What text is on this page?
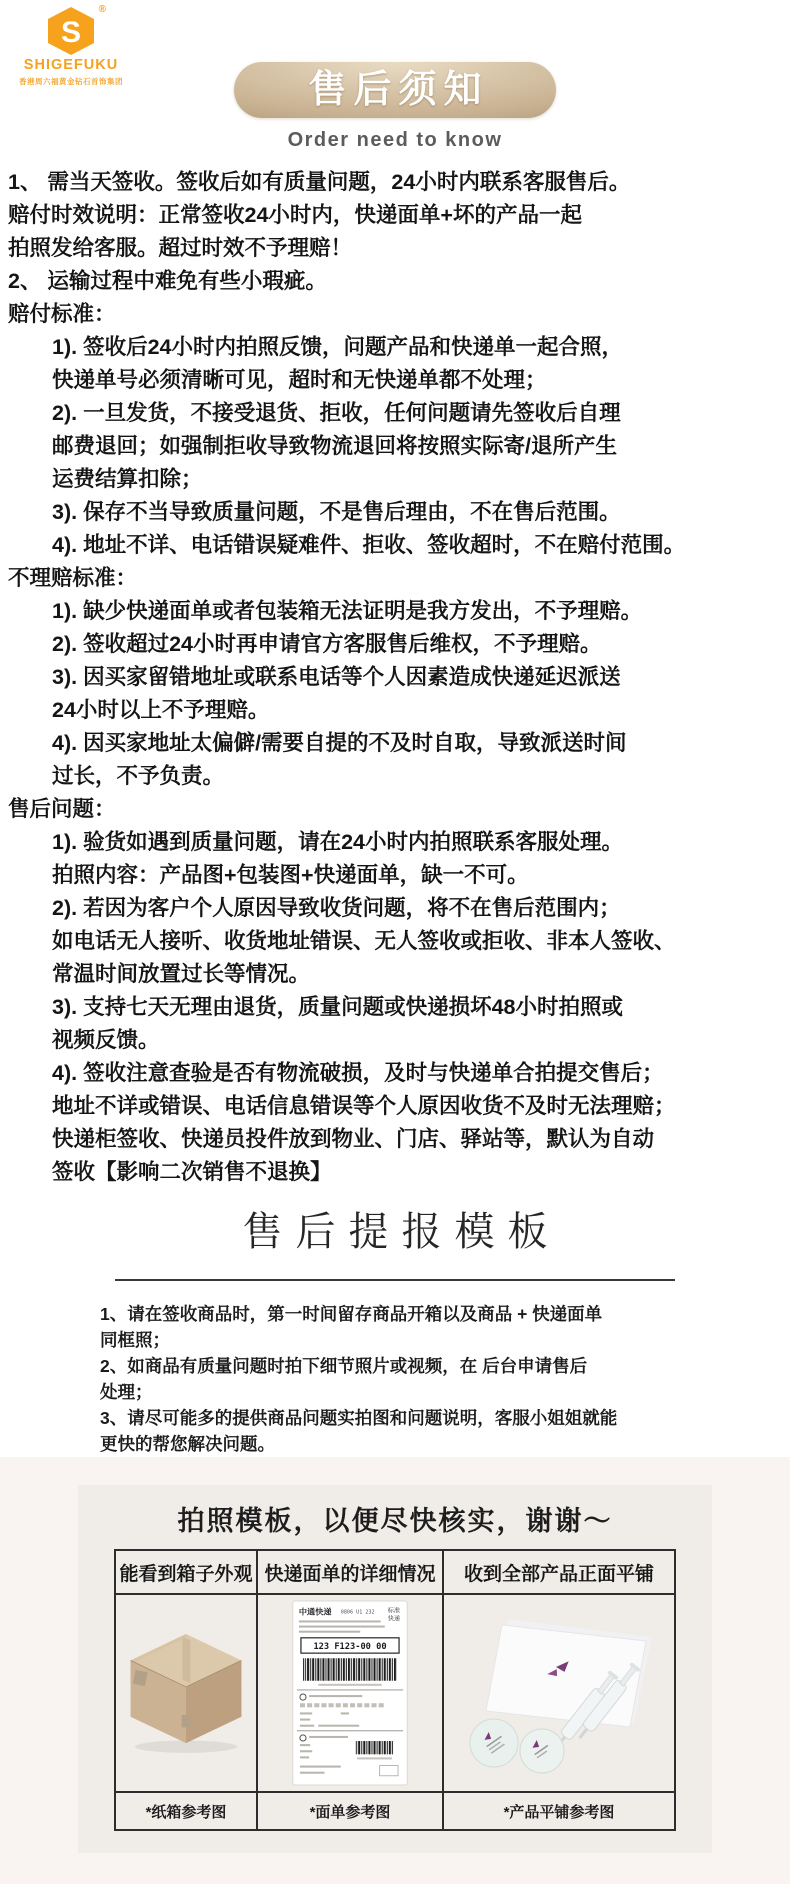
S
®
SHIGEFUKU
香港周六福黄金钻石首饰集团	售后须知
Order need to know

1、 需当天签收。签收后如有质量问题，24小时内联系客服售后。

赔付时效说明：正常签收24小时内，快递面单+坏的产品一起

拍照发给客服。超过时效不予理赔！

2、 运输过程中难免有些小瑕疵。

赔付标准：

1). 签收后24小时内拍照反馈，问题产品和快递单一起合照，

快递单号必须清晰可见，超时和无快递单都不处理；

2). 一旦发货，不接受退货、拒收，任何问题请先签收后自理

邮费退回；如强制拒收导致物流退回将按照实际寄/退所产生

运费结算扣除；

3). 保存不当导致质量问题，不是售后理由，不在售后范围。

4). 地址不详、电话错误疑难件、拒收、签收超时，不在赔付范围。

不理赔标准：

1). 缺少快递面单或者包装箱无法证明是我方发出，不予理赔。

2). 签收超过24小时再申请官方客服售后维权，不予理赔。

3). 因买家留错地址或联系电话等个人因素造成快递延迟派送

24小时以上不予理赔。

4). 因买家地址太偏僻/需要自提的不及时自取，导致派送时间

过长，不予负责。

售后问题：

1). 验货如遇到质量问题，请在24小时内拍照联系客服处理。

拍照内容：产品图+包装图+快递面单，缺一不可。

2). 若因为客户个人原因导致收货问题，将不在售后范围内；

如电话无人接听、收货地址错误、无人签收或拒收、非本人签收、

常温时间放置过长等情况。

3). 支持七天无理由退货，质量问题或快递损坏48小时拍照或

视频反馈。

4). 签收注意查验是否有物流破损，及时与快递单合拍提交售后；

地址不详或错误、电话信息错误等个人原因收货不及时无法理赔；

快递柜签收、快递员投件放到物业、门店、驿站等，默认为自动

签收【影响二次销售不退换】

售后提报模板

1、请在签收商品时，第一时间留存商品开箱以及商品 + 快递面单

同框照；

2、如商品有质量问题时拍下细节照片或视频，在 后台申请售后

处理；

3、请尽可能多的提供商品问题实拍图和问题说明，客服小姐姐就能

更快的帮您解决问题。

拍照模板，以便尽快核实，谢谢～
能看到箱子外观	快递面单的详细情况	收到全部产品正面平铺

中通快递 0806 U1 232 标准
快递
123 F123-00 00

*纸箱参考图	*面单参考图	*产品平铺参考图
